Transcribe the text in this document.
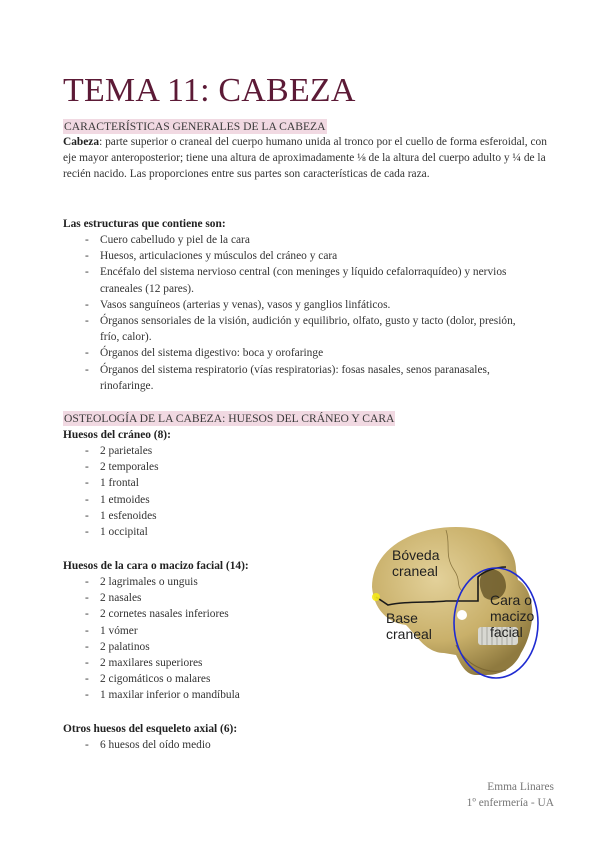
TEMA 11: CABEZA
CARACTERÍSTICAS GENERALES DE LA CABEZA
Cabeza: parte superior o craneal del cuerpo humano unida al tronco por el cuello de forma esferoidal, con eje mayor anteroposterior; tiene una altura de aproximadamente ⅛ de la altura del cuerpo adulto y ¼ de la recién nacido. Las proporciones entre sus partes son características de cada raza.
Las estructuras que contiene son:
- Cuero cabelludo y piel de la cara
- Huesos, articulaciones y músculos del cráneo y cara
- Encéfalo del sistema nervioso central (con meninges y líquido cefalorraquídeo) y nervios craneales (12 pares).
- Vasos sanguíneos (arterias y venas), vasos y ganglios linfáticos.
- Órganos sensoriales de la visión, audición y equilibrio, olfato, gusto y tacto (dolor, presión, frío, calor).
- Órganos del sistema digestivo: boca y orofaringe
- Órganos del sistema respiratorio (vías respiratorias): fosas nasales, senos paranasales, rinofaringe.
OSTEOLOGÍA DE LA CABEZA: HUESOS DEL CRÁNEO Y CARA
Huesos del cráneo (8):
- 2 parietales
- 2 temporales
- 1 frontal
- 1 etmoides
- 1 esfenoides
- 1 occipital
Huesos de la cara o macizo facial (14):
- 2 lagrimales o unguis
- 2 nasales
- 2 cornetes nasales inferiores
- 1 vómer
- 2 palatinos
- 2 maxilares superiores
- 2 cigomáticos o malares
- 1 maxilar inferior o mandíbula
Otros huesos del esqueleto axial (6):
- 6 huesos del oído medio
Bóveda
craneal
Base
craneal
Cara o
macizo
facial
Emma Linares
1º enfermería - UA
